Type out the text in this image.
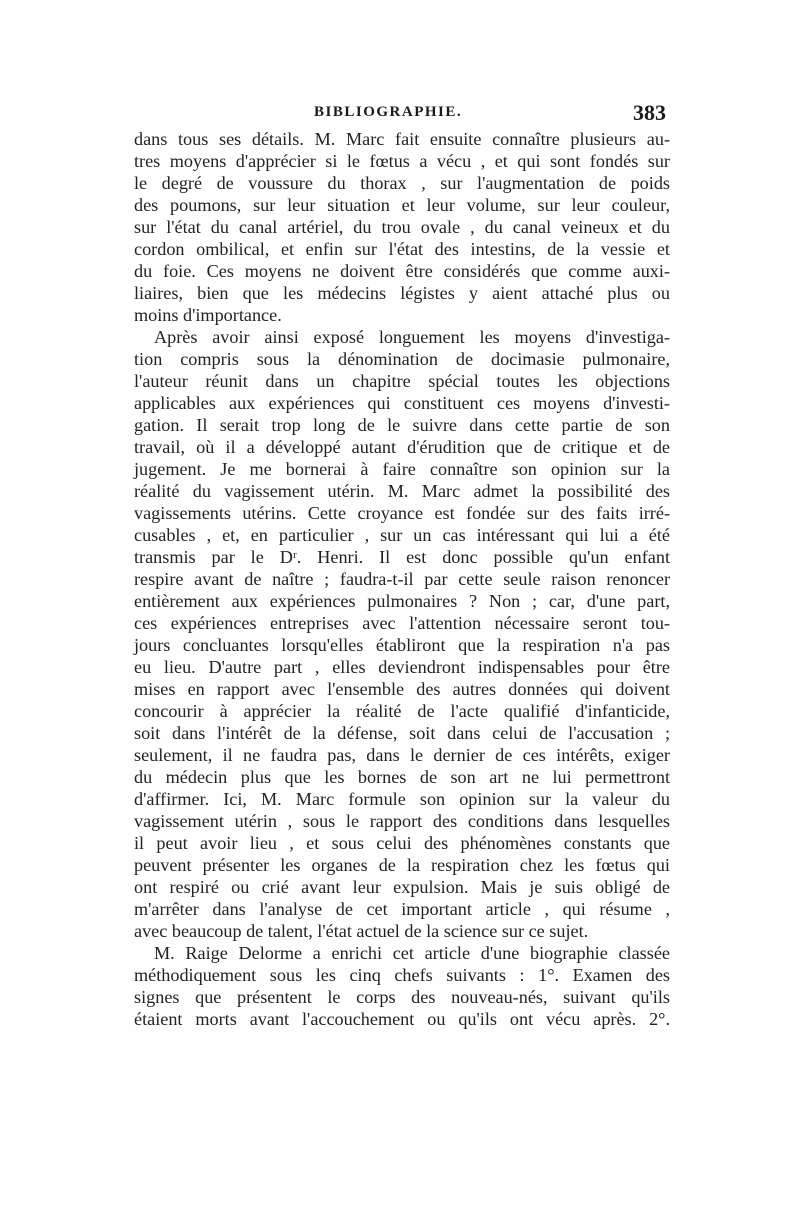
BIBLIOGRAPHIE.	383
dans tous ses détails. M. Marc fait ensuite connaître plusieurs au-
tres moyens d'apprécier si le fœtus a vécu , et qui sont fondés sur
le degré de voussure du thorax , sur l'augmentation de poids
des poumons, sur leur situation et leur volume, sur leur couleur,
sur l'état du canal artériel, du trou ovale , du canal veineux et du
cordon ombilical, et enfin sur l'état des intestins, de la vessie et
du foie. Ces moyens ne doivent être considérés que comme auxi-
liaires, bien que les médecins légistes y aient attaché plus ou
moins d'importance.
Après avoir ainsi exposé longuement les moyens d'investiga-
tion compris sous la dénomination de docimasie pulmonaire,
l'auteur réunit dans un chapitre spécial toutes les objections
applicables aux expériences qui constituent ces moyens d'investi-
gation. Il serait trop long de le suivre dans cette partie de son
travail, où il a développé autant d'érudition que de critique et de
jugement. Je me bornerai à faire connaître son opinion sur la
réalité du vagissement utérin. M. Marc admet la possibilité des
vagissements utérins. Cette croyance est fondée sur des faits irré-
cusables , et, en particulier , sur un cas intéressant qui lui a été
transmis par le Dʳ. Henri. Il est donc possible qu'un enfant
respire avant de naître ; faudra-t-il par cette seule raison renoncer
entièrement aux expériences pulmonaires ? Non ; car, d'une part,
ces expériences entreprises avec l'attention nécessaire seront tou-
jours concluantes lorsqu'elles établiront que la respiration n'a pas
eu lieu. D'autre part , elles deviendront indispensables pour être
mises en rapport avec l'ensemble des autres données qui doivent
concourir à apprécier la réalité de l'acte qualifié d'infanticide,
soit dans l'intérêt de la défense, soit dans celui de l'accusation ;
seulement, il ne faudra pas, dans le dernier de ces intérêts, exiger
du médecin plus que les bornes de son art ne lui permettront
d'affirmer. Ici, M. Marc formule son opinion sur la valeur du
vagissement utérin , sous le rapport des conditions dans lesquelles
il peut avoir lieu , et sous celui des phénomènes constants que
peuvent présenter les organes de la respiration chez les fœtus qui
ont respiré ou crié avant leur expulsion. Mais je suis obligé de
m'arrêter dans l'analyse de cet important article , qui résume ,
avec beaucoup de talent, l'état actuel de la science sur ce sujet.
M. Raige Delorme a enrichi cet article d'une biographie classée
méthodiquement sous les cinq chefs suivants : 1°. Examen des
signes que présentent le corps des nouveau-nés, suivant qu'ils
étaient morts avant l'accouchement ou qu'ils ont vécu après. 2°.
